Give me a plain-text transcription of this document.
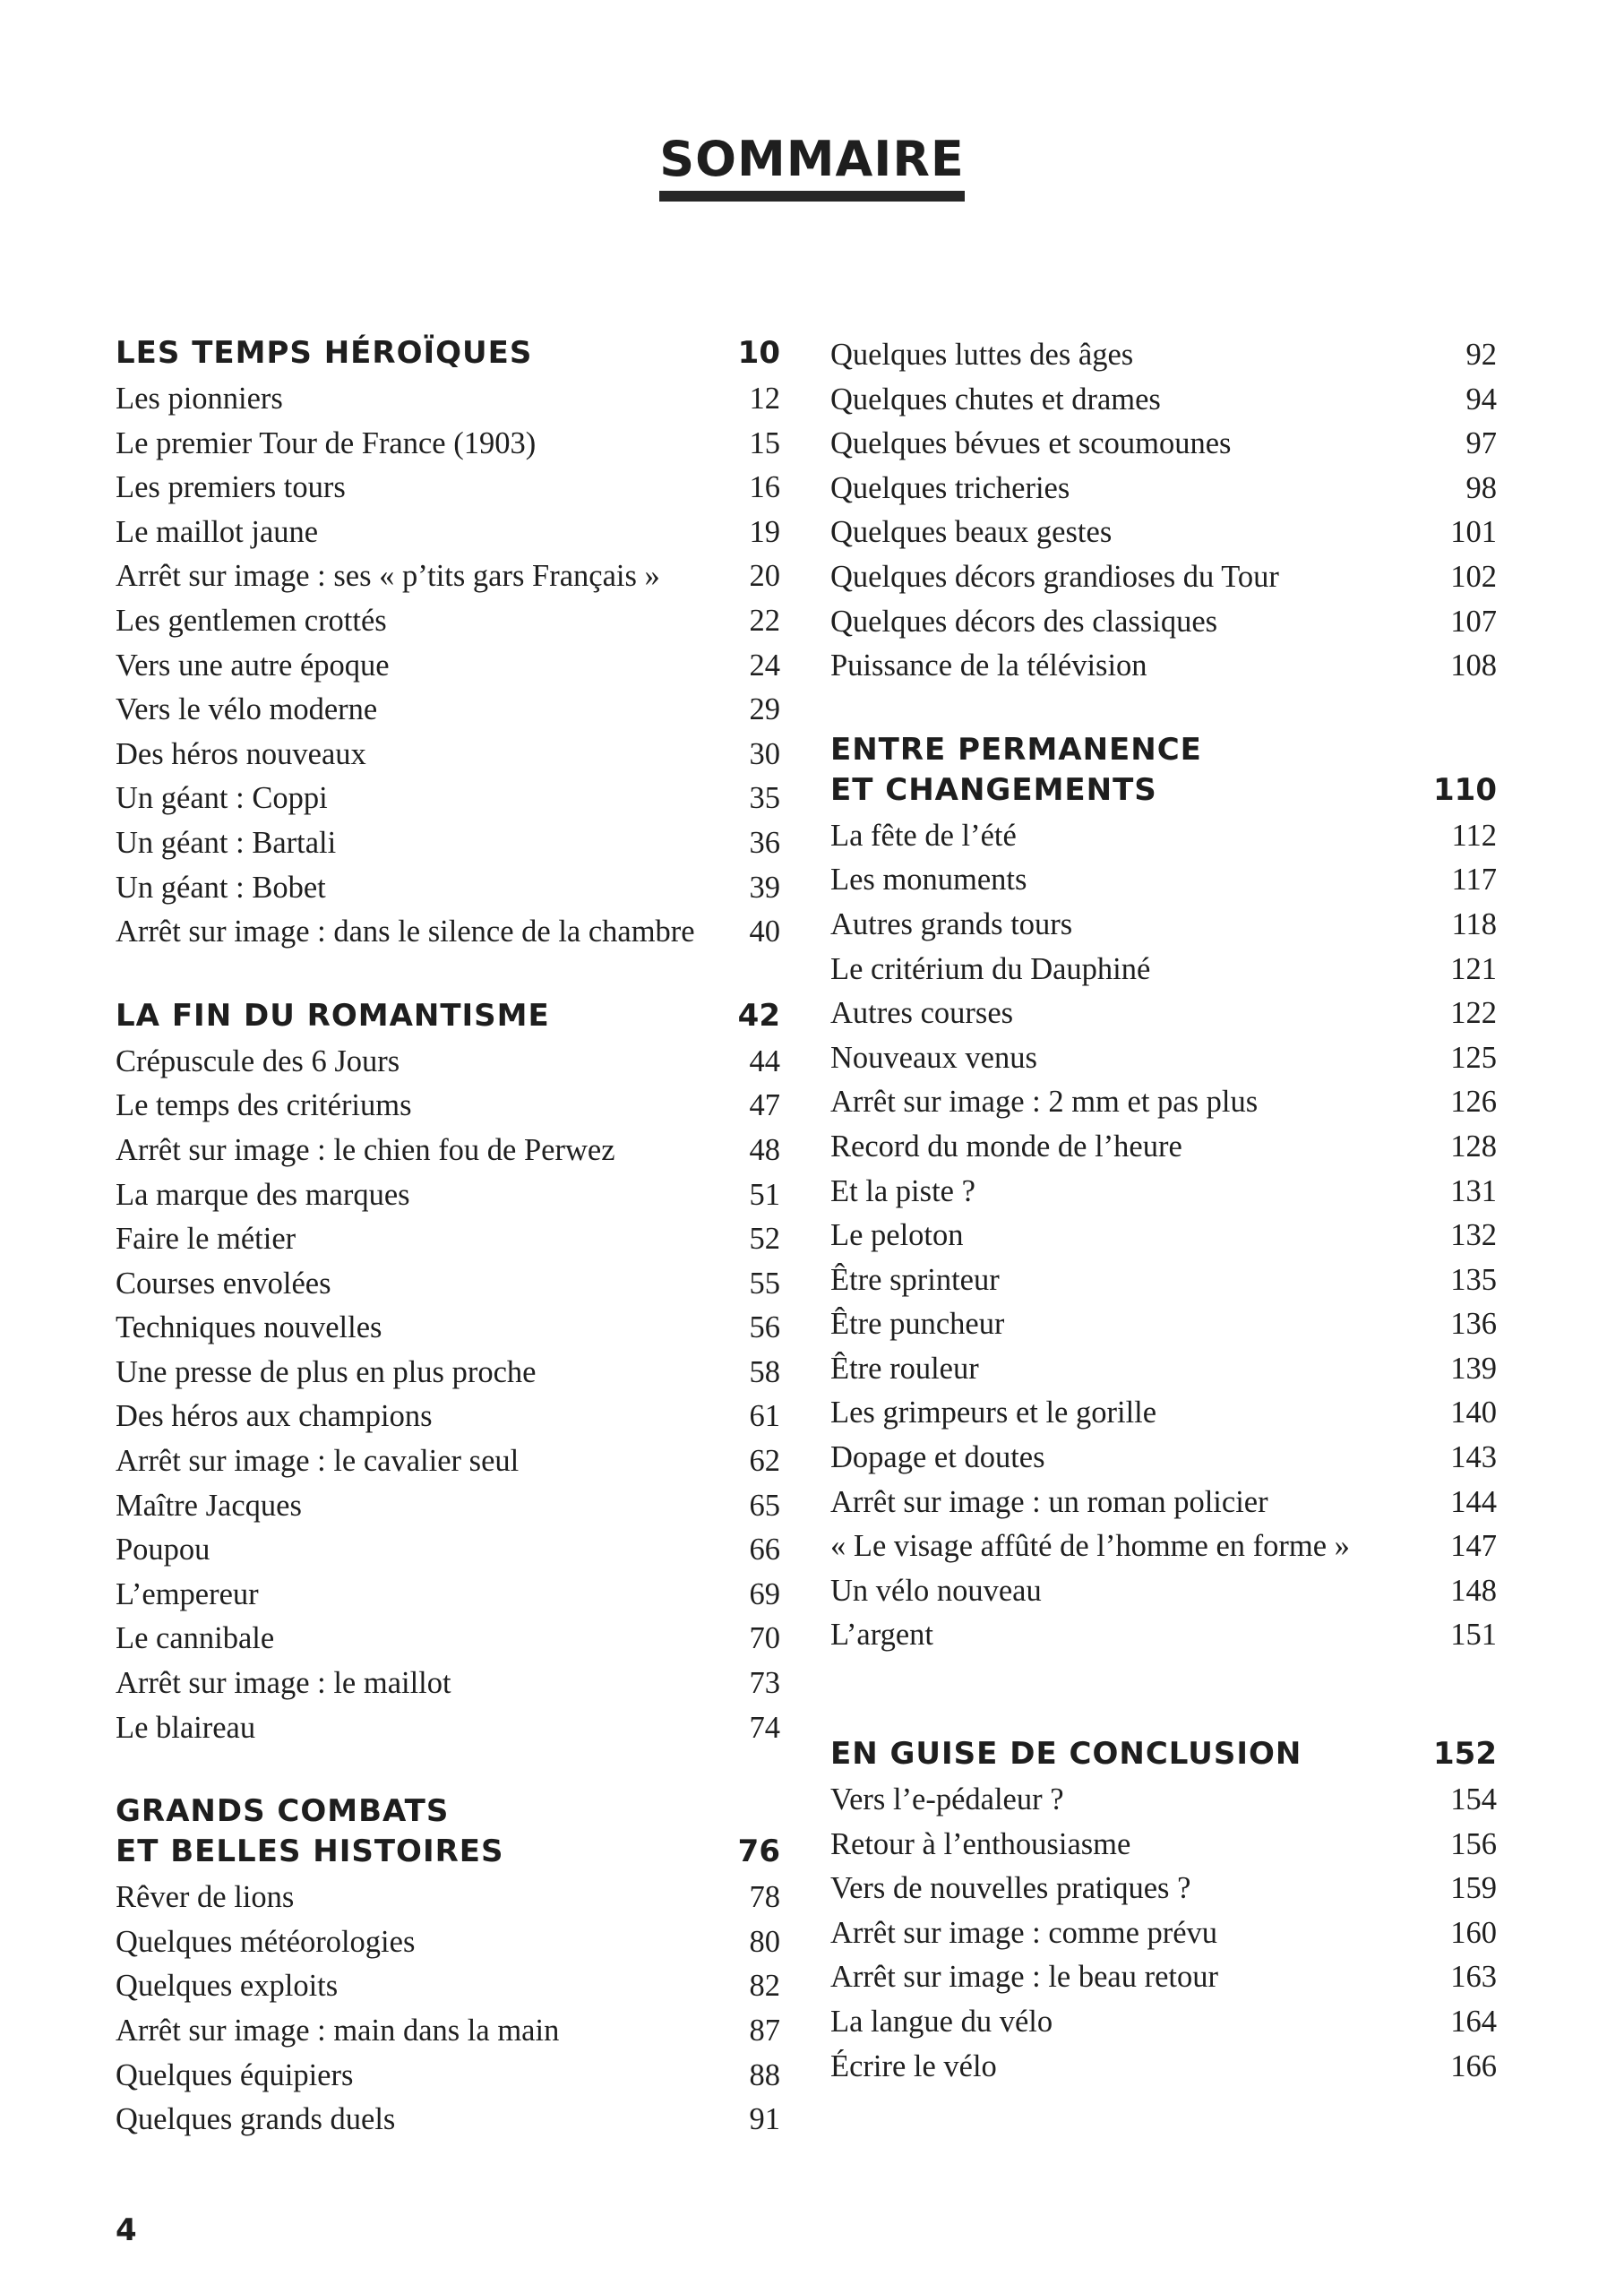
SOMMAIRE
LES TEMPS HÉROÏQUES	10
Les pionniers	12
Le premier Tour de France (1903)	15
Les premiers tours	16
Le maillot jaune	19
Arrêt sur image : ses « p’tits gars Français »	20
Les gentlemen crottés	22
Vers une autre époque	24
Vers le vélo moderne	29
Des héros nouveaux	30
Un géant : Coppi	35
Un géant : Bartali	36
Un géant : Bobet	39
Arrêt sur image : dans le silence de la chambre 40
LA FIN DU ROMANTISME	42
Crépuscule des 6 Jours	44
Le temps des critériums	47
Arrêt sur image : le chien fou de Perwez	48
La marque des marques	51
Faire le métier	52
Courses envolées	55
Techniques nouvelles	56
Une presse de plus en plus proche	58
Des héros aux champions	61
Arrêt sur image : le cavalier seul	62
Maître Jacques	65
Poupou	66
L’empereur	69
Le cannibale	70
Arrêt sur image : le maillot	73
Le blaireau	74
GRANDS COMBATS
ET BELLES HISTOIRES	76
Rêver de lions	78
Quelques météorologies	80
Quelques exploits	82
Arrêt sur image : main dans la main	87
Quelques équipiers	88
Quelques grands duels	91
Quelques luttes des âges	92
Quelques chutes et drames	94
Quelques bévues et scoumounes	97
Quelques tricheries	98
Quelques beaux gestes	101
Quelques décors grandioses du Tour	102
Quelques décors des classiques	107
Puissance de la télévision	108
ENTRE PERMANENCE
ET CHANGEMENTS	110
La fête de l’été	112
Les monuments	117
Autres grands tours	118
Le critérium du Dauphiné	121
Autres courses	122
Nouveaux venus	125
Arrêt sur image : 2 mm et pas plus	126
Record du monde de l’heure	128
Et la piste ?	131
Le peloton	132
Être sprinteur	135
Être puncheur	136
Être rouleur	139
Les grimpeurs et le gorille	140
Dopage et doutes	143
Arrêt sur image : un roman policier	144
« Le visage affûté de l’homme en forme »	147
Un vélo nouveau	148
L’argent	151
EN GUISE DE CONCLUSION	152
Vers l’e-pédaleur ?	154
Retour à l’enthousiasme	156
Vers de nouvelles pratiques ?	159
Arrêt sur image : comme prévu	160
Arrêt sur image : le beau retour	163
La langue du vélo	164
Écrire le vélo	166
4
